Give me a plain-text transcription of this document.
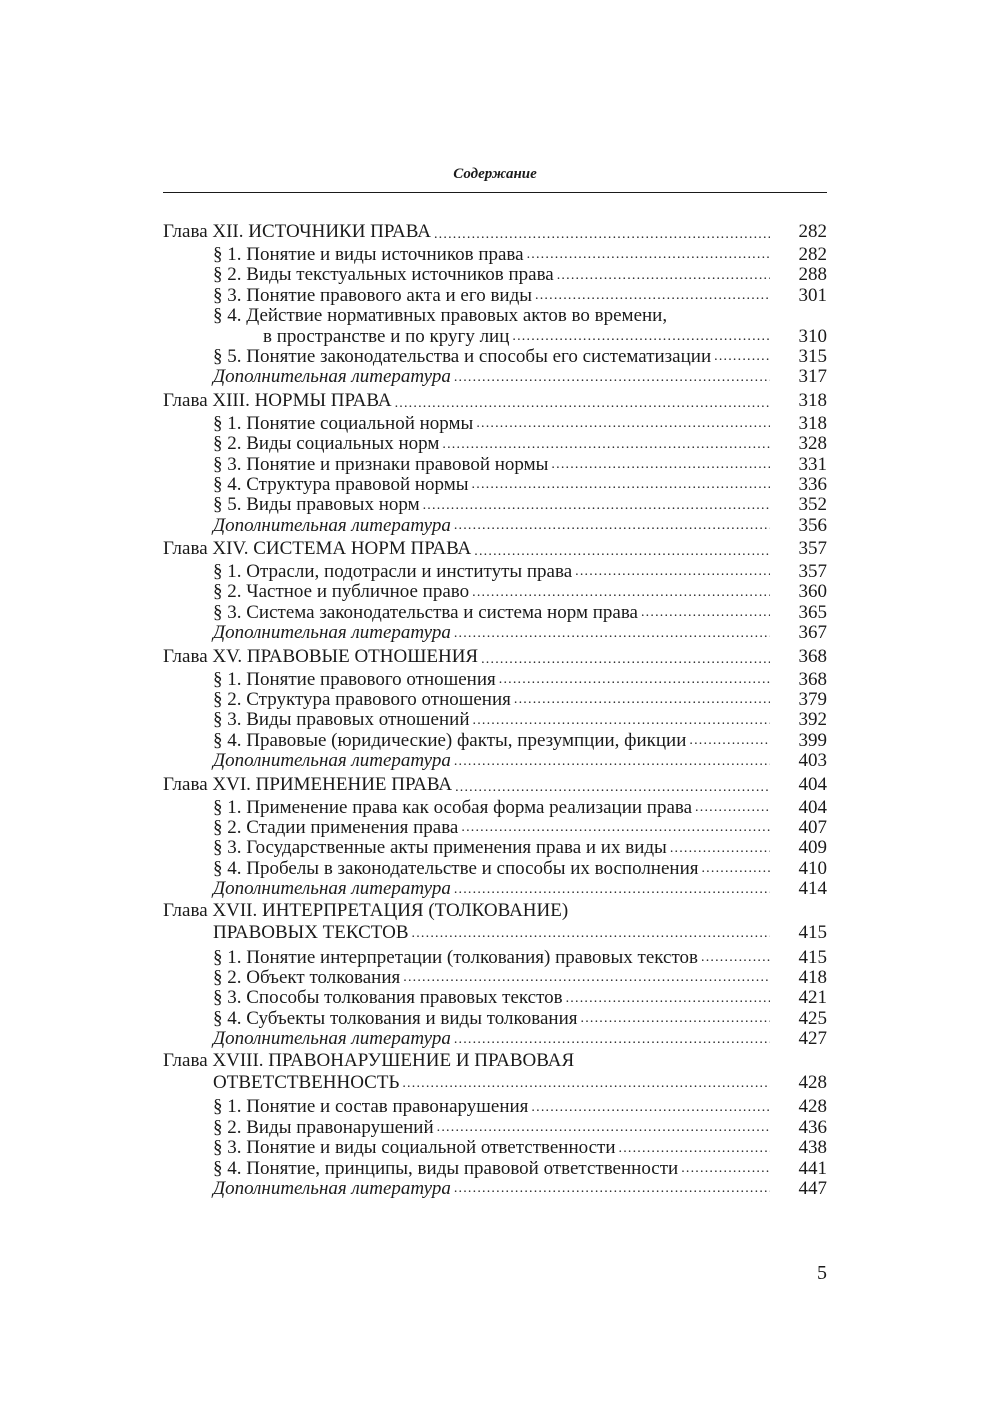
Содержание
Глава XII. ИСТОЧНИКИ ПРАВА .....	282
§ 1. Понятие и виды источников права .....	282
§ 2. Виды текстуальных источников права .....	288
§ 3. Понятие правового акта и его виды .....	301
§ 4. Действие нормативных правовых актов во времени,
в пространстве и по кругу лиц .....	310
§ 5. Понятие законодательства и способы его систематизации .....	315
Дополнительная литература .....	317
Глава XIII. НОРМЫ ПРАВА .....	318
§ 1. Понятие социальной нормы .....	318
§ 2. Виды социальных норм .....	328
§ 3. Понятие и признаки правовой нормы .....	331
§ 4. Структура правовой нормы .....	336
§ 5. Виды правовых норм .....	352
Дополнительная литература .....	356
Глава XIV. СИСТЕМА НОРМ ПРАВА .....	357
§ 1. Отрасли, подотрасли и институты права .....	357
§ 2. Частное и публичное право .....	360
§ 3. Система законодательства и система норм права .....	365
Дополнительная литература .....	367
Глава XV. ПРАВОВЫЕ ОТНОШЕНИЯ .....	368
§ 1. Понятие правового отношения .....	368
§ 2. Структура правового отношения .....	379
§ 3. Виды правовых отношений .....	392
§ 4. Правовые (юридические) факты, презумпции, фикции .....	399
Дополнительная литература .....	403
Глава XVI. ПРИМЕНЕНИЕ ПРАВА .....	404
§ 1. Применение права как особая форма реализации права .....	404
§ 2. Стадии применения права .....	407
§ 3. Государственные акты применения права и их виды .....	409
§ 4. Пробелы в законодательстве и способы их восполнения .....	410
Дополнительная литература .....	414
Глава XVII. ИНТЕРПРЕТАЦИЯ (ТОЛКОВАНИЕ)
ПРАВОВЫХ ТЕКСТОВ .....	415
§ 1. Понятие интерпретации (толкования) правовых текстов .....	415
§ 2. Объект толкования .....	418
§ 3. Способы толкования правовых текстов .....	421
§ 4. Субъекты толкования и виды толкования .....	425
Дополнительная литература .....	427
Глава XVIII. ПРАВОНАРУШЕНИЕ И ПРАВОВАЯ
ОТВЕТСТВЕННОСТЬ .....	428
§ 1. Понятие и состав правонарушения .....	428
§ 2. Виды правонарушений .....	436
§ 3. Понятие и виды социальной ответственности .....	438
§ 4. Понятие, принципы, виды правовой ответственности .....	441
Дополнительная литература .....	447
5
